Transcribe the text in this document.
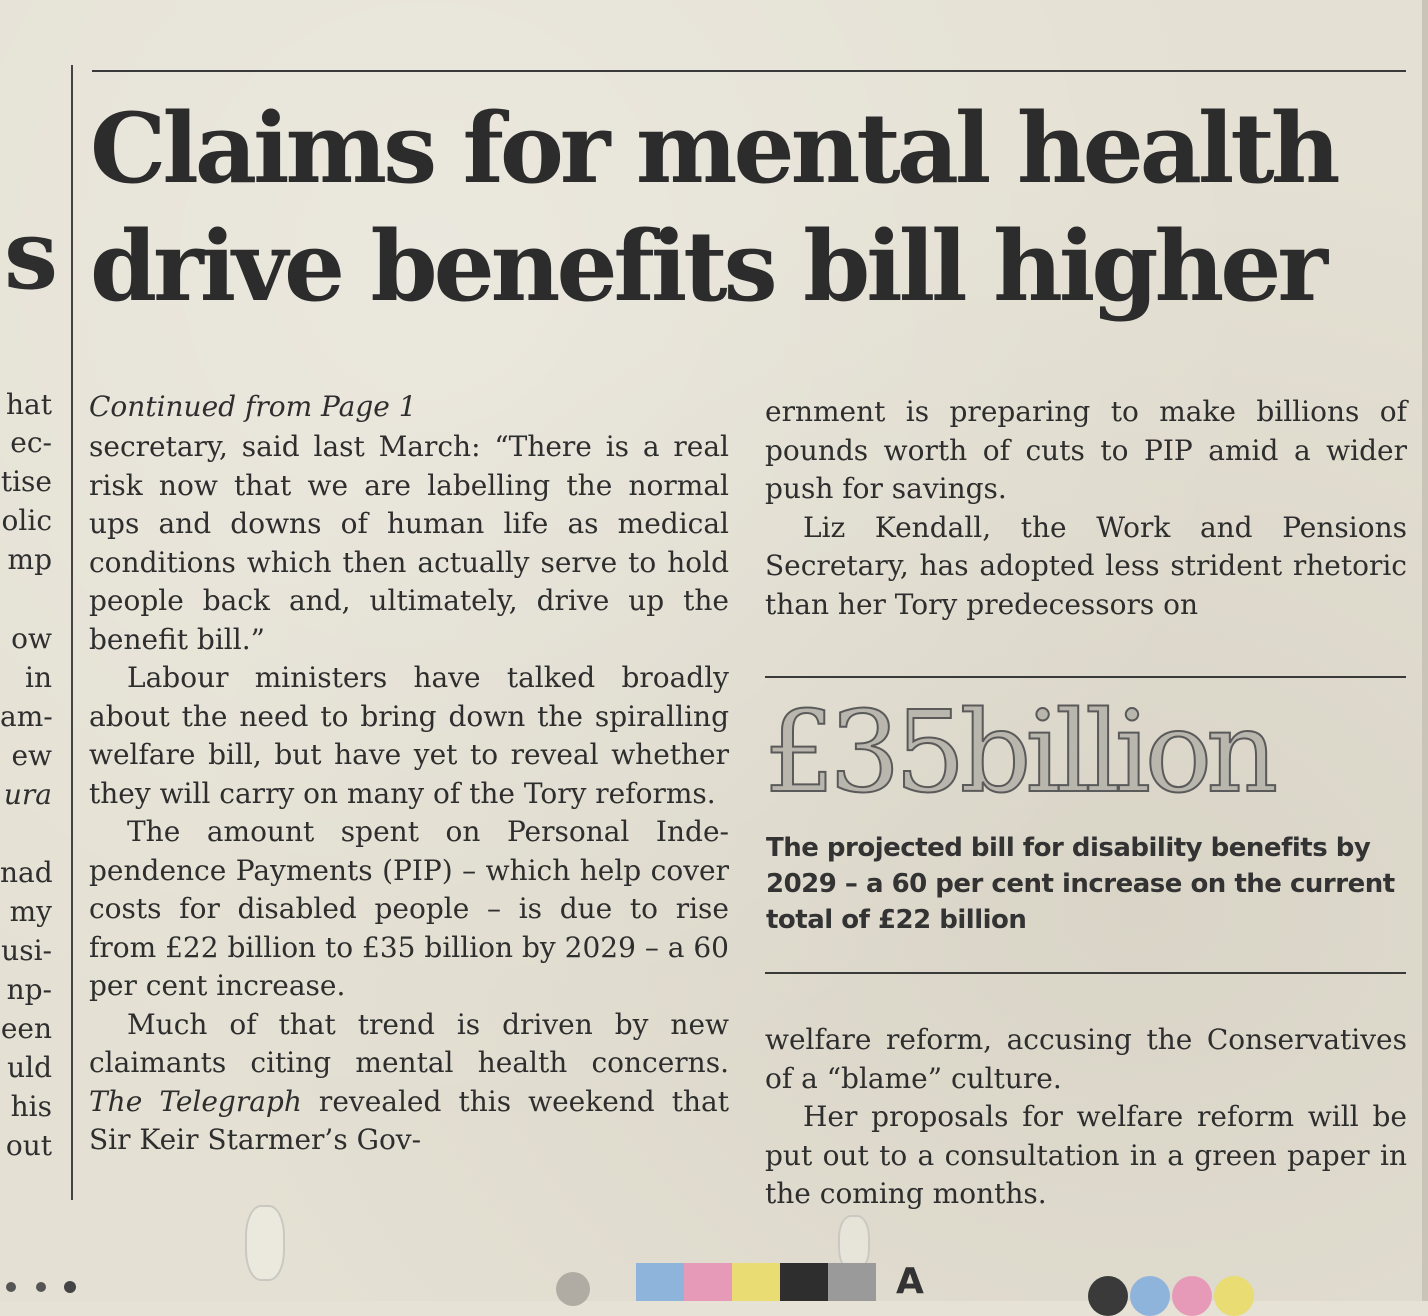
s
hat
ec-
tise
olic
mp
ow
in
am-
ew
ura
nad
my
usi-
np-
een
uld
his
out
Claims for mental health
drive benefits bill higher
Continued from Page 1

secretary, said last March: “There is a real risk now that we are labelling the normal ups and downs of human life as medical conditions which then actually serve to hold people back and, ultimately, drive up the benefit bill.”

Labour ministers have talked broadly about the need to bring down the spiralling welfare bill, but have yet to reveal whether they will carry on many of the Tory reforms.

The amount spent on Personal Independence Payments (PIP) – which help cover costs for disabled people – is due to rise from £22 billion to £35 billion by 2029 – a 60 per cent increase.

Much of that trend is driven by new claimants citing mental health concerns. The Telegraph revealed this weekend that Sir Keir Starmer’s Gov-

ernment is preparing to make billions of pounds worth of cuts to PIP amid a wider push for savings.

Liz Kendall, the Work and Pensions Secretary, has adopted less strident rhetoric than her Tory predecessors on

£35billion
The projected bill for disability benefits by 2029 – a 60 per cent increase on the current total of £22 billion

welfare reform, accusing the Conservatives of a “blame” culture.

Her proposals for welfare reform will be put out to a consultation in a green paper in the coming months.

A
